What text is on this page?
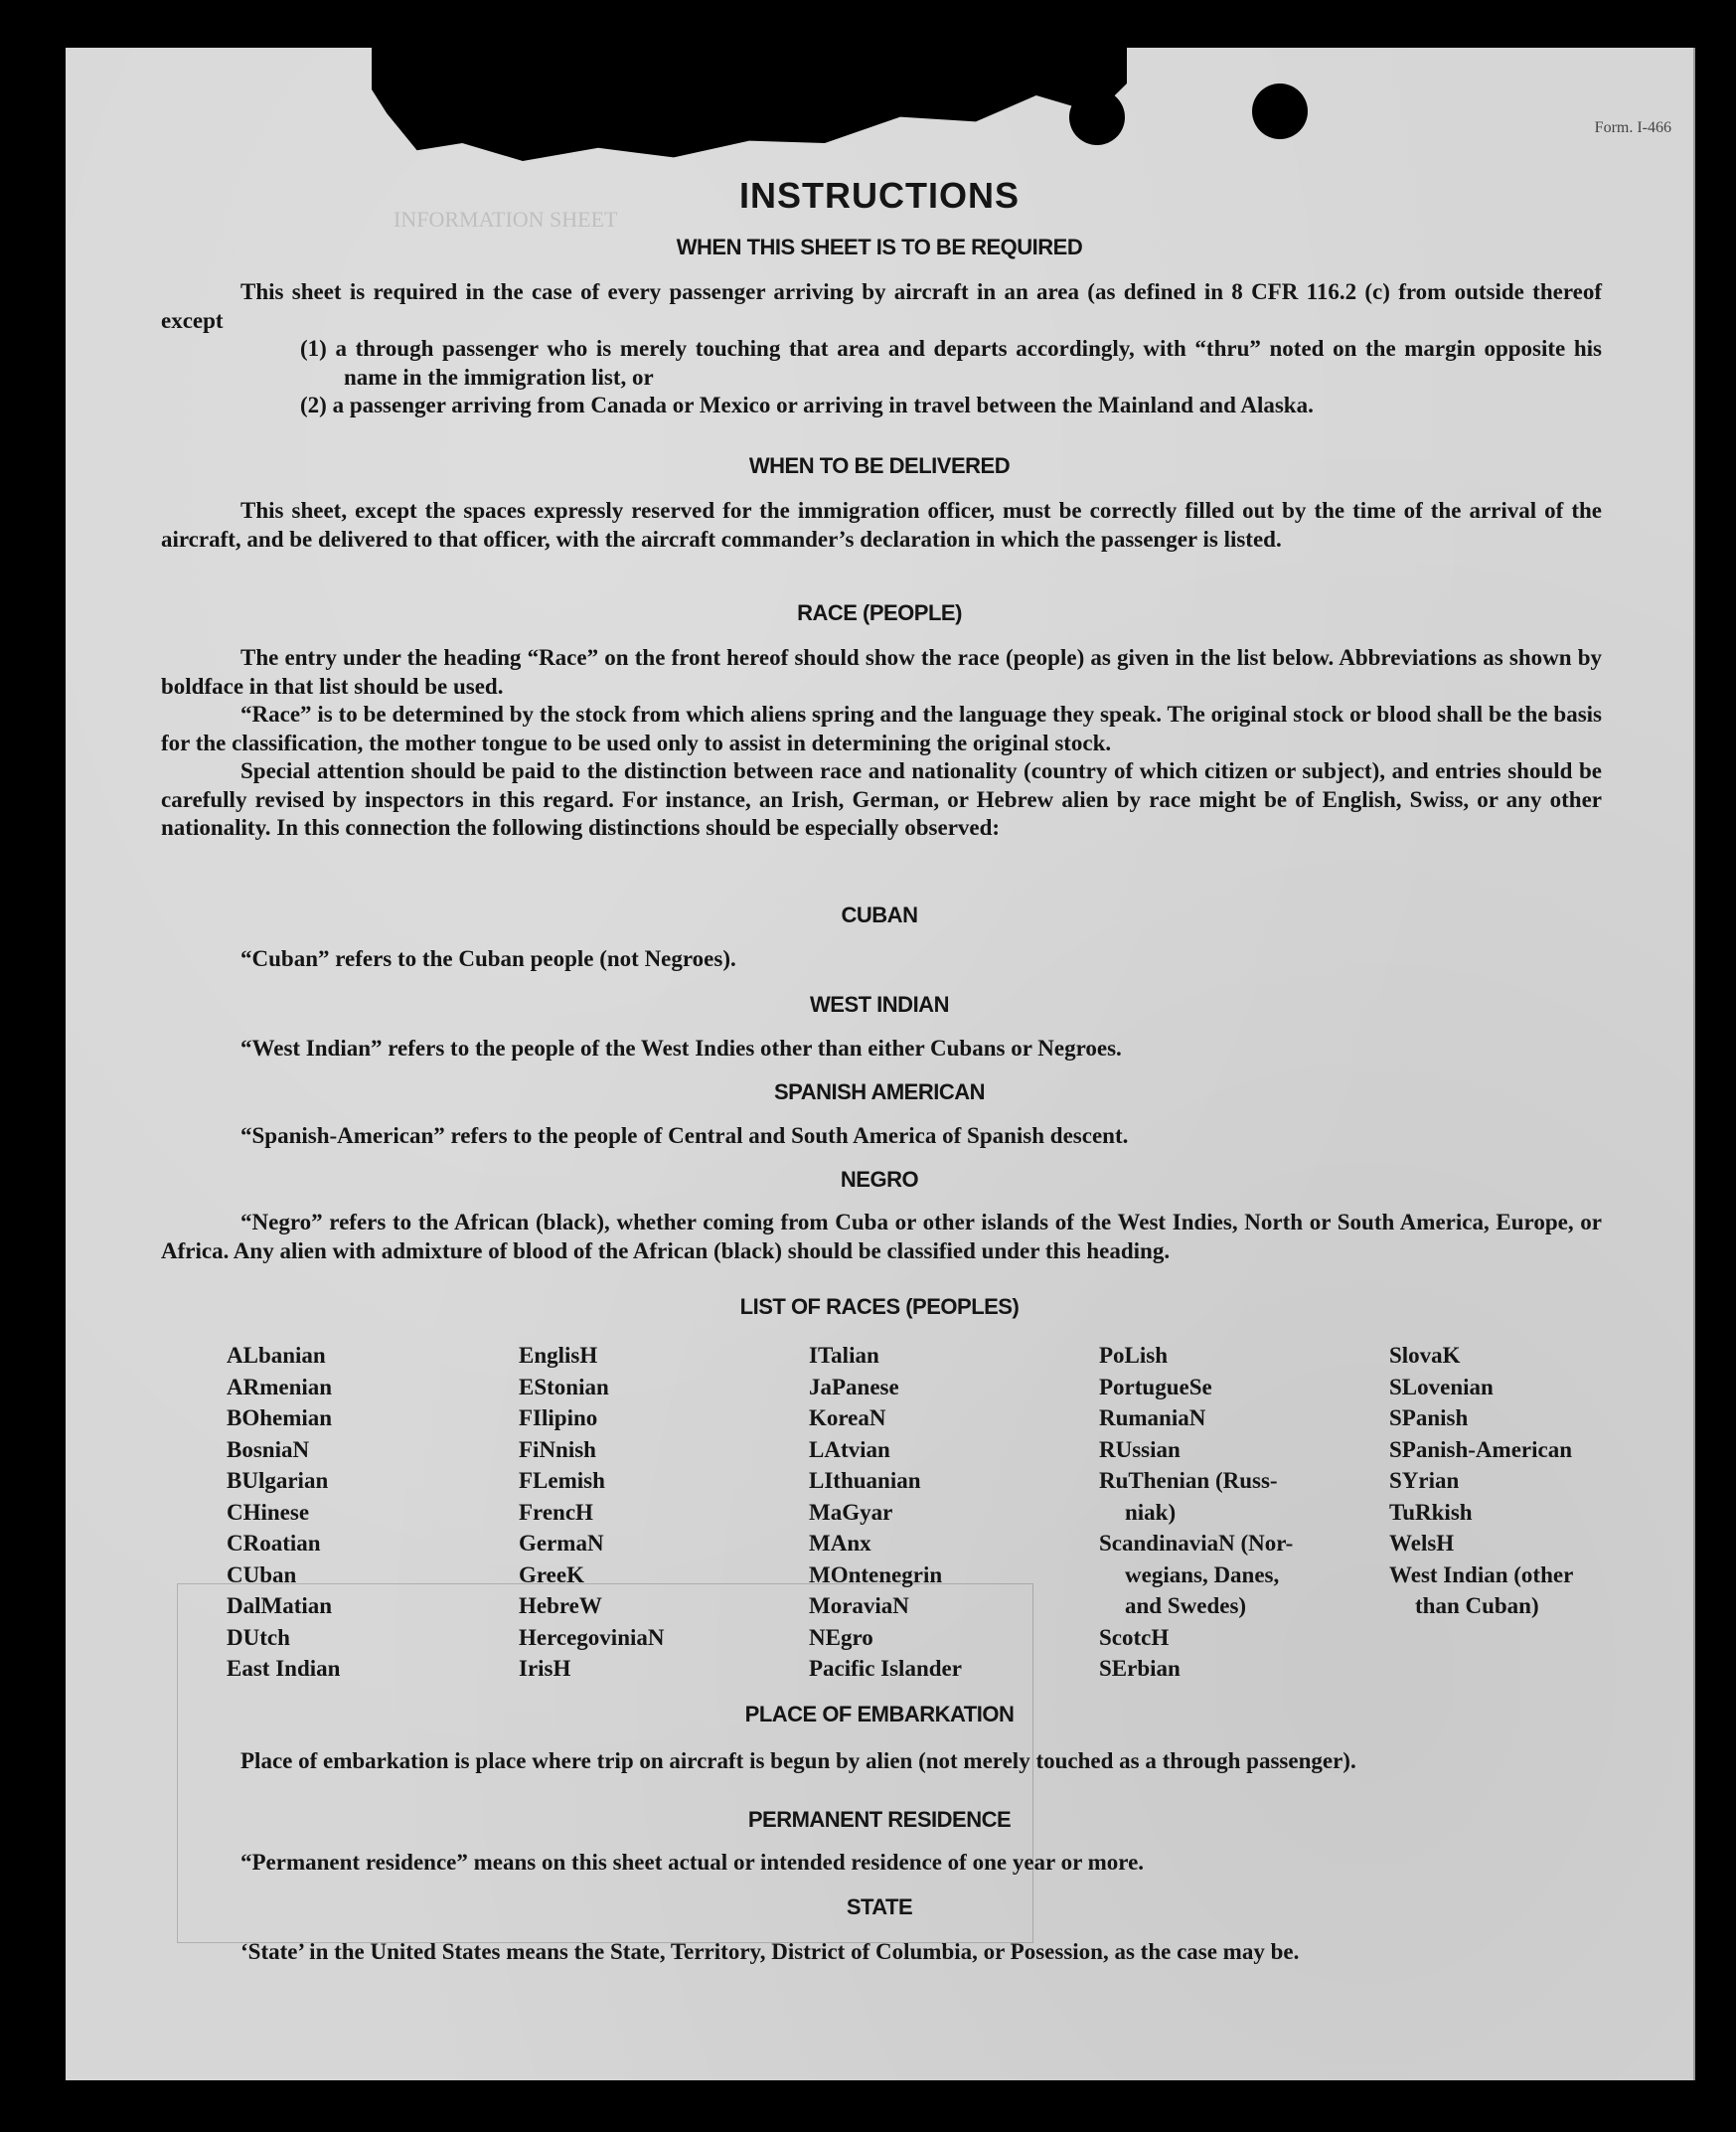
Form. I-466
INFORMATION SHEET
INSTRUCTIONS
WHEN THIS SHEET IS TO BE REQUIRED

This sheet is required in the case of every passenger arriving by aircraft in an area (as defined in 8 CFR 116.2 (c) from outside thereof except

(1) a through passenger who is merely touching that area and departs accordingly, with “thru” noted on the margin opposite his name in the immigration list, or

(2) a passenger arriving from Canada or Mexico or arriving in travel between the Mainland and Alaska.

WHEN TO BE DELIVERED

This sheet, except the spaces expressly reserved for the immigration officer, must be correctly filled out by the time of the arrival of the aircraft, and be delivered to that officer, with the aircraft commander’s declaration in which the passenger is listed.

RACE (PEOPLE)

The entry under the heading “Race” on the front hereof should show the race (people) as given in the list below. Abbreviations as shown by boldface in that list should be used.

“Race” is to be determined by the stock from which aliens spring and the language they speak. The original stock or blood shall be the basis for the classification, the mother tongue to be used only to assist in determining the original stock.

Special attention should be paid to the distinction between race and nationality (country of which citizen or subject), and entries should be carefully revised by inspectors in this regard. For instance, an Irish, German, or Hebrew alien by race might be of English, Swiss, or any other nationality. In this connection the following distinctions should be especially observed:

CUBAN

“Cuban” refers to the Cuban people (not Negroes).

WEST INDIAN

“West Indian” refers to the people of the West Indies other than either Cubans or Negroes.

SPANISH AMERICAN

“Spanish-American” refers to the people of Central and South America of Spanish descent.

NEGRO

“Negro” refers to the African (black), whether coming from Cuba or other islands of the West Indies, North or South America, Europe, or Africa. Any alien with admixture of blood of the African (black) should be classified under this heading.

LIST OF RACES (PEOPLES)
ALbanian
ARmenian
BOhemian
BosniaN
BUlgarian
CHinese
CRoatian
CUban
DalMatian
DUtch
East Indian
EnglisH
EStonian
FIlipino
FiNnish
FLemish
FrencH
GermaN
GreeK
HebreW
HercegoviniaN
IrisH
ITalian
JaPanese
KoreaN
LAtvian
LIthuanian
MaGyar
MAnx
MOntenegrin
MoraviaN
NEgro
Pacific Islander
PoLish
PortugueSe
RumaniaN
RUssian
RuThenian (Russ-
niak)
ScandinaviaN (Nor-
wegians, Danes,
and Swedes)
ScotcH
SErbian
SlovaK
SLovenian
SPanish
SPanish-American
SYrian
TuRkish
WelsH
West Indian (other
than Cuban)
PLACE OF EMBARKATION

Place of embarkation is place where trip on aircraft is begun by alien (not merely touched as a through passenger).

PERMANENT RESIDENCE

“Permanent residence” means on this sheet actual or intended residence of one year or more.

STATE

‘State’ in the United States means the State, Territory, District of Columbia, or Posession, as the case may be.
